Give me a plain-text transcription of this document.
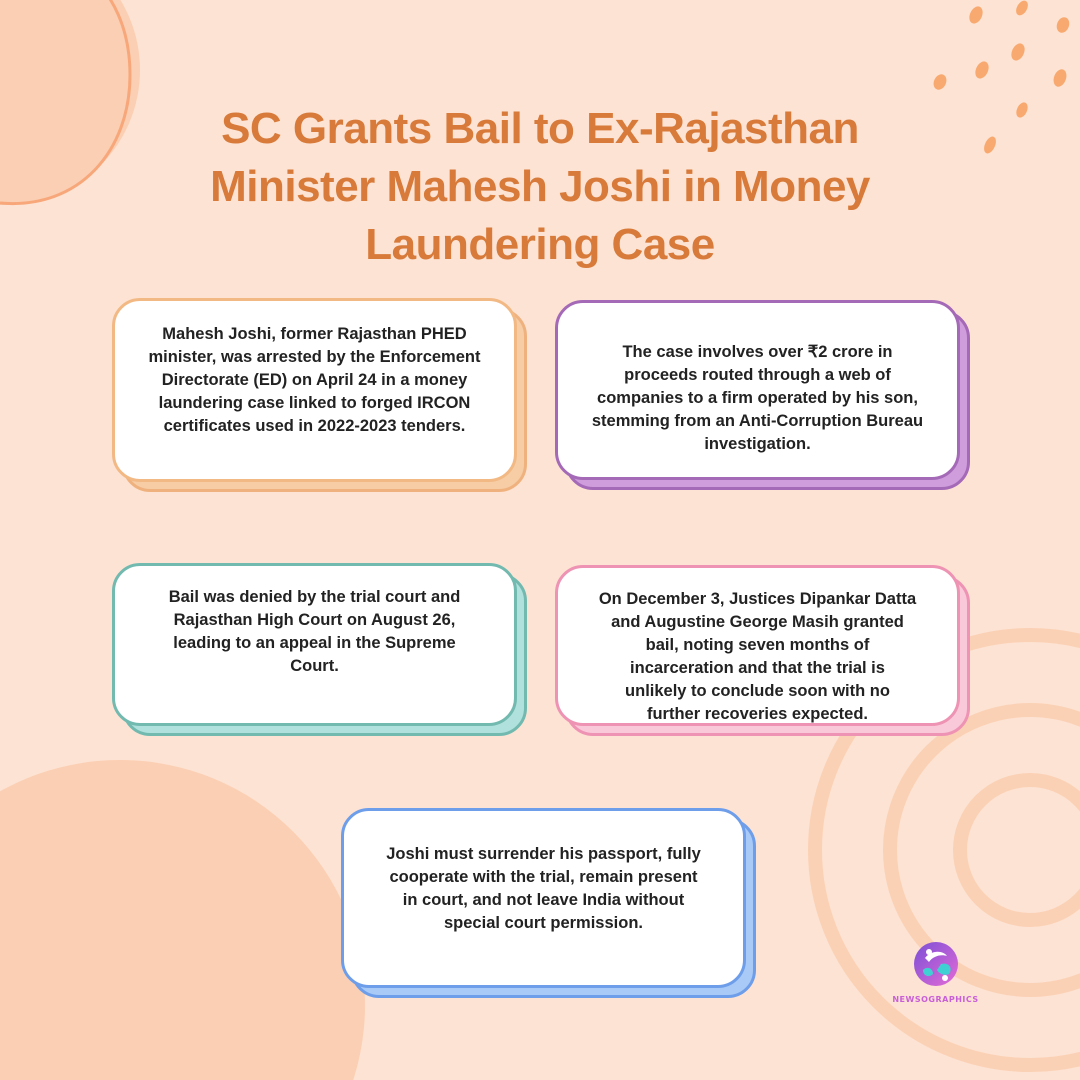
SC Grants Bail to Ex-Rajasthan Minister Mahesh Joshi in Money Laundering Case

Mahesh Joshi, former Rajasthan PHED minister, was arrested by the Enforcement Directorate (ED) on April 24 in a money laundering case linked to forged IRCON certificates used in 2022-2023 tenders.

The case involves over ₹2 crore in proceeds routed through a web of companies to a firm operated by his son, stemming from an Anti-Corruption Bureau investigation.

Bail was denied by the trial court and Rajasthan High Court on August 26, leading to an appeal in the Supreme Court.

On December 3, Justices Dipankar Datta and Augustine George Masih granted bail, noting seven months of incarceration and that the trial is unlikely to conclude soon with no further recoveries expected.

Joshi must surrender his passport, fully cooperate with the trial, remain present in court, and not leave India without special court permission.

NEWSOGRAPHICS
